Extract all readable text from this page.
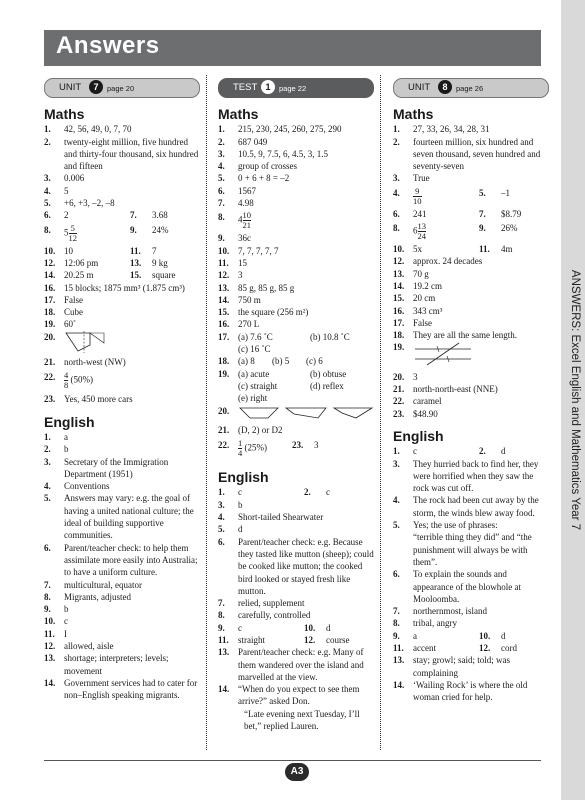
ANSWERS: Excel English and Mathematics Year 7
Answers
UNIT	7	page 20
Maths
1.	42, 56, 49, 0, 7, 70
2.	twenty-eight million, five hundred and thirty-four thousand, six hundred and fifteen
3.	0.006
4.	5
5.	+6, +3, –2, –8
6.	2	7.	3.68
8.	$5 \frac{5}{12}$	9.	24%
10. 10	11.	7
12. 12:06 pm	13.	9 kg
14. 20.25 m	15.	square
16. 15 blocks; 1875 mm³ (1.875 cm³)
17. False
18. Cube
19. 60˚
20.
21. north-west (NW)
22.	$\frac{4}{8} (50\%)$
23. Yes, 450 more cars
English
1.	a
2.	b
3.	Secretary of the Immigration Department (1951)
4.	Conventions
5.	Answers may vary: e.g. the goal of having a united national culture; the ideal of building supportive communities.
6.	Parent/teacher check: to help them assimilate more easily into Australia; to have a uniform culture.
7.	multicultural, equator
8.	Migrants, adjusted
9.	b
10. c
11.	I
12. allowed, aisle
13. shortage; interpreters; levels; movement
14. Government services had to cater for non–English speaking migrants.
TEST 1	page 22
Maths
1.	215, 230, 245, 260, 275, 290
2.	687 049
3.	10.5, 9, 7.5, 6, 4.5, 3, 1.5
4.	group of crosses
5.	0 + 6 + 8 = –2
6.	1567
7.	4.98
8.	$4 \frac{10}{21}$
9.	36c
10. 7, 7, 7, 7, 7
11.	15
12. 3
13. 85 g, 85 g, 85 g
14. 750 m
15. the square (256 m²)
16. 270 L
17. (a) 7.6 ˚C	(b) 10.8 ˚C
(c) 16 ˚C
18. (a) 8	(b) 5	(c) 6
19. (a) acute	(b) obtuse
(c) straight	(d) reflex
(e) right
20.
21. (D, 2) or D2
22.	$\frac{1}{4} (25\%)$	23.	3
English
1.	c	2.	c
3.	b
4.	Short-tailed Shearwater
5.	d
6.	Parent/teacher check: e.g. Because they tasted like mutton (sheep); could be cooked like mutton; the cooked bird looked or stayed fresh like mutton.
7.	relied, supplement
8.	carefully, controlled
9.	c	10.	d
11.	straight	12.	course
13. Parent/teacher check: e.g. Many of them wandered over the island and marvelled at the view.
14. “When do you expect to see them arrive?” asked Don.
“Late evening next Tuesday, I’ll bet,” replied Lauren.
UNIT	8	page 26
Maths
1.	27, 33, 26, 34, 28, 31
2.	fourteen million, six hundred and seven thousand, seven hundred and seventy-seven
3.	True
4.	$\frac{9}{10}$	5.	–1
6.	241	7.	$8.79
8.	$6 \frac{13}{24}$	9.	26%
10. 5x	11.	4m
12. approx. 24 decades
13. 70 g
14. 19.2 cm
15. 20 cm
16. 343 cm³
17. False
18. They are all the same length.
19.
20. 3
21. north-north-east (NNE)
22. caramel
23. $48.90
English
1.	c	2.	d
3.	They hurried back to find her, they were horrified when they saw the rock was cut off.
4.	The rock had been cut away by the storm, the winds blew away food.
5.	Yes; the use of phrases:
“terrible thing they did” and “the punishment will always be with them”.
6.	To explain the sounds and appearance of the blowhole at Mooloomba.
7.	northernmost, island
8.	tribal, angry
9.	a	10.	d
11.	accent	12.	cord
13. stay; growl; said; told; was complaining
14. ‘Wailing Rock’ is where the old woman cried for help.
A3
